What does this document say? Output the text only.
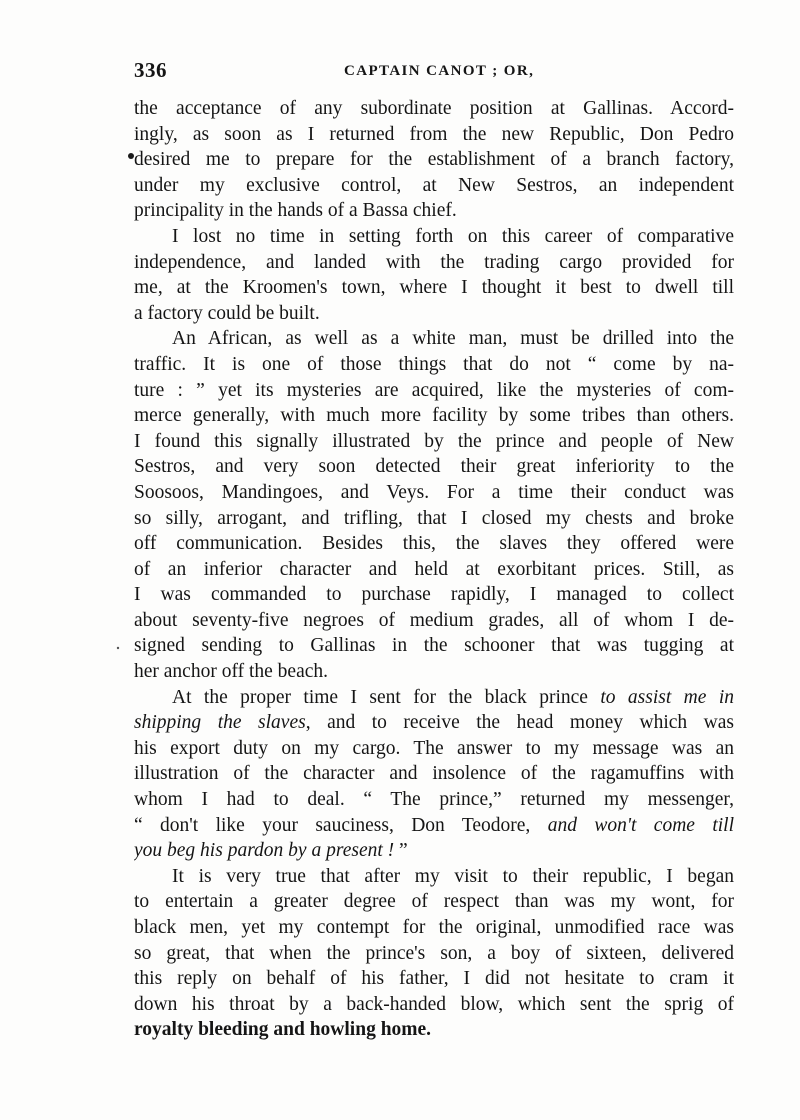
336	CAPTAIN CANOT ; OR,
the acceptance of any subordinate position at Gallinas. Accord-
ingly, as soon as I returned from the new Republic, Don Pedro
desired me to prepare for the establishment of a branch factory,
under my exclusive control, at New Sestros, an independent
principality in the hands of a Bassa chief.
I lost no time in setting forth on this career of comparative
independence, and landed with the trading cargo provided for
me, at the Kroomen's town, where I thought it best to dwell till
a factory could be built.
An African, as well as a white man, must be drilled into the
traffic. It is one of those things that do not “ come by na-
ture : ” yet its mysteries are acquired, like the mysteries of com-
merce generally, with much more facility by some tribes than others.
I found this signally illustrated by the prince and people of New
Sestros, and very soon detected their great inferiority to the
Soosoos, Mandingoes, and Veys. For a time their conduct was
so silly, arrogant, and trifling, that I closed my chests and broke
off communication. Besides this, the slaves they offered were
of an inferior character and held at exorbitant prices. Still, as
I was commanded to purchase rapidly, I managed to collect
about seventy-five negroes of medium grades, all of whom I de-
signed sending to Gallinas in the schooner that was tugging at
her anchor off the beach.
At the proper time I sent for the black prince to assist me in
shipping the slaves, and to receive the head money which was
his export duty on my cargo. The answer to my message was an
illustration of the character and insolence of the ragamuffins with
whom I had to deal. “ The prince,” returned my messenger,
“ don't like your sauciness, Don Teodore, and won't come till
you beg his pardon by a present ! ”
It is very true that after my visit to their republic, I began
to entertain a greater degree of respect than was my wont, for
black men, yet my contempt for the original, unmodified race was
so great, that when the prince's son, a boy of sixteen, delivered
this reply on behalf of his father, I did not hesitate to cram it
down his throat by a back-handed blow, which sent the sprig of
royalty bleeding and howling home.
